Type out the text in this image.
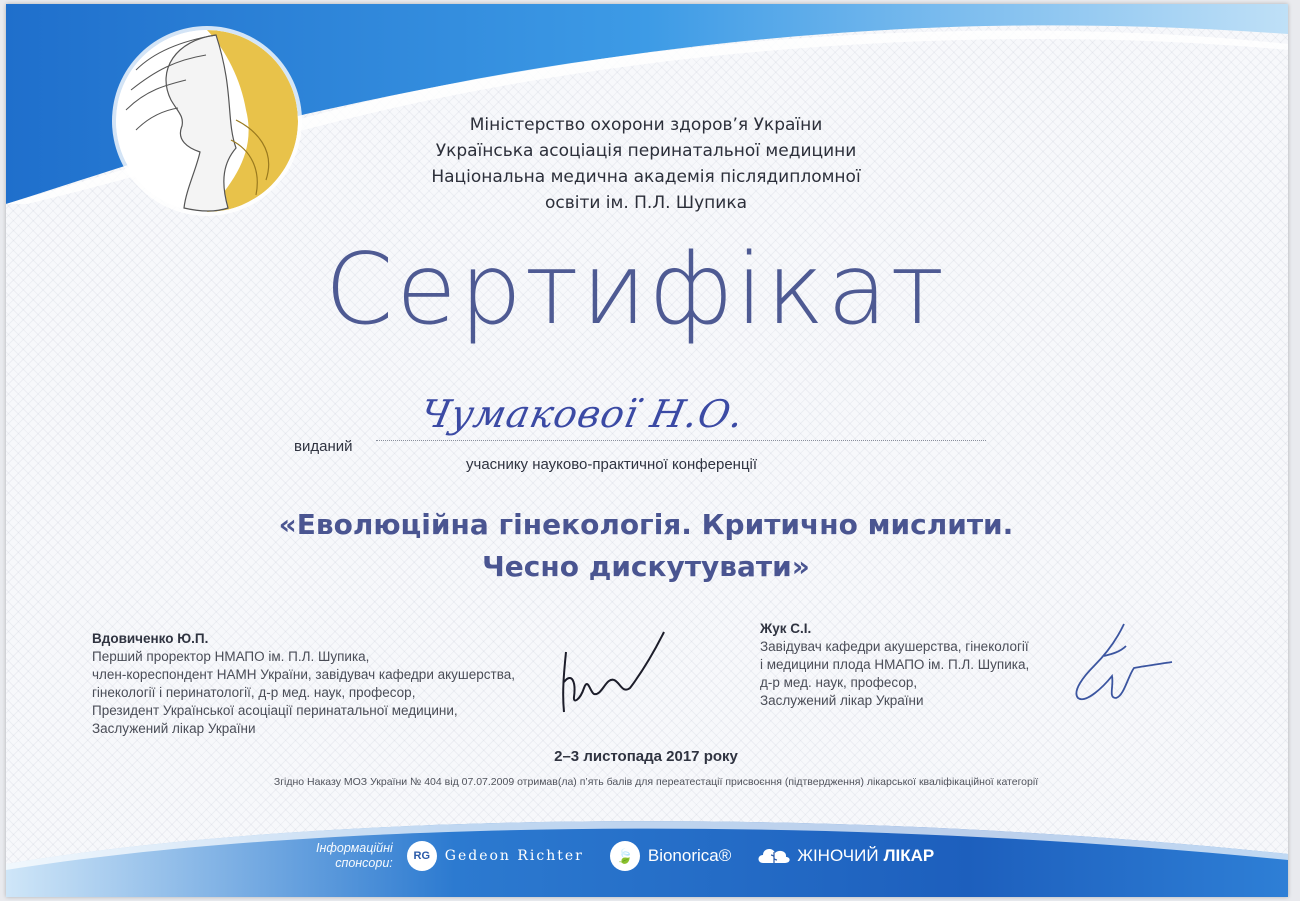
Міністерство охорони здоров’я України
Українська асоціація перинатальної медицини
Національна медична академія післядипломної
освіти ім. П.Л. Шупика
Сертифікат
виданий
Чумакової Н.О.
учаснику науково-практичної конференції
«Еволюційна гінекологія. Критично мислити.
Чесно дискутувати»
Вдовиченко Ю.П.
Перший проректор НМАПО ім. П.Л. Шупика,
член-кореспондент НАМН України, завідувач кафедри акушерства,
гінекології і перинатології, д-р мед. наук, професор,
Президент Української асоціації перинатальної медицини,
Заслужений лікар України
Жук С.І.
Завідувач кафедри акушерства, гінекології
і медицини плода НМАПО ім. П.Л. Шупика,
д-р мед. наук, професор,
Заслужений лікар України
2–3 листопада 2017 року
Згідно Наказу МОЗ України № 404 від 07.07.2009 отримав(ла) п’ять балів для переатестації присвоєння (підтвердження) лікарської кваліфікаційної категорії
Інформаційні
спонсори:	RG	Gedeon Richter	🍃 Bionorica®	ЖІНОЧИЙ ЛІКАР
